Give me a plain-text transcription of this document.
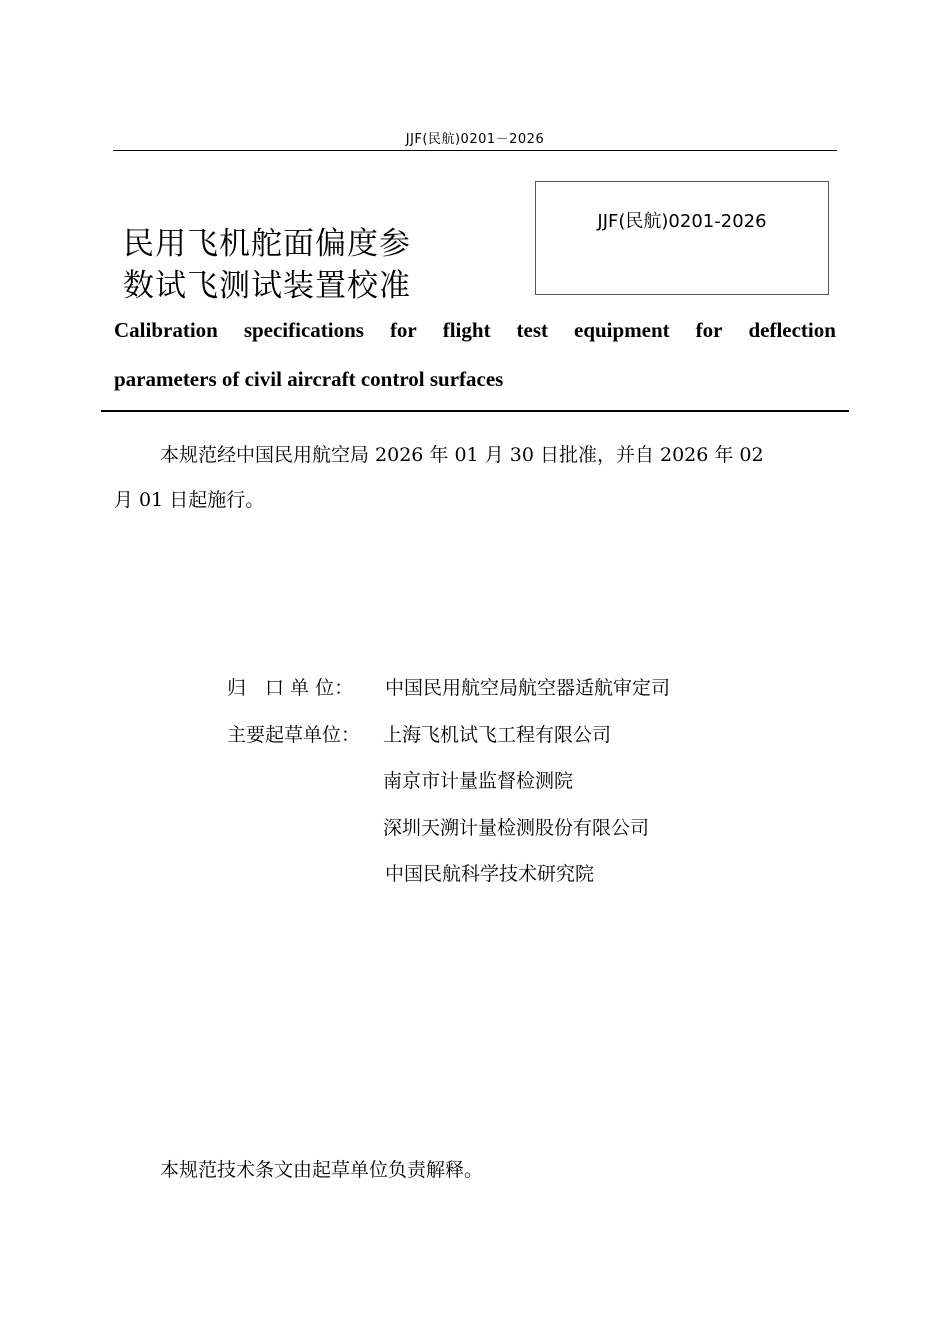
JJF(民航)0201－2026
民用飞机舵面偏度参
数试飞测试装置校准
JJF(民航)0201-2026
Calibration specifications for flight test equipment for deflection
parameters of civil aircraft control surfaces
本规范经中国民用航空局 2026 年 01 月 30 日批准，并自 2026 年 02
月 01 日起施行。
归　口 单 位： 中国民用航空局航空器适航审定司
主要起草单位： 上海飞机试飞工程有限公司
南京市计量监督检测院
深圳天溯计量检测股份有限公司
中国民航科学技术研究院
本规范技术条文由起草单位负责解释。
